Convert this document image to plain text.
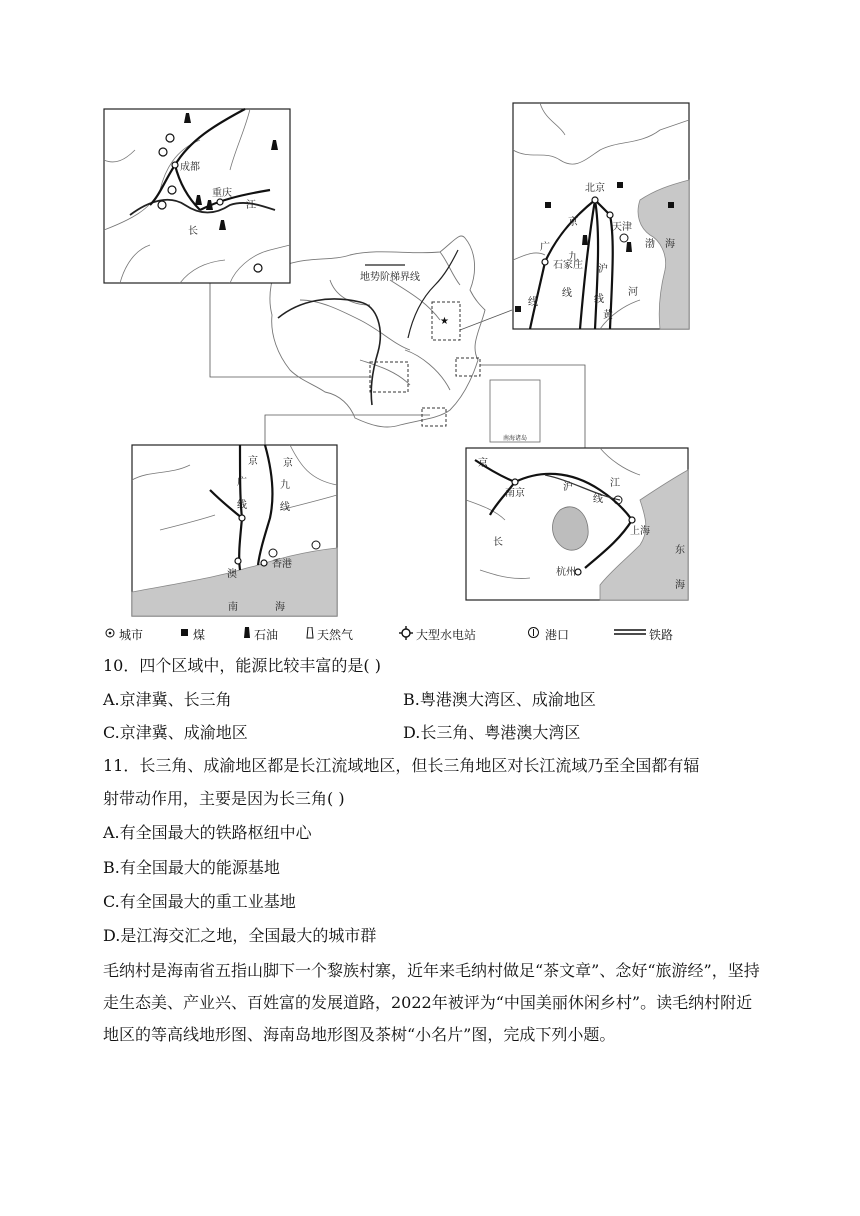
地势阶梯界线
★
南海诸岛
成都
重庆
江
长
北京
天津
石家庄
渤 海
京
广
九
沪
线
线
线
河
黄
京	京
广	九
线	线
澳
香港
南	海
京
南京
沪	江
线
长
上海
杭州
东
海
城市	煤	石油	天然气	大型水电站	港口	铁路
10．四个区域中，能源比较丰富的是( )
A.京津冀、长三角	B.粤港澳大湾区、成渝地区
C.京津冀、成渝地区	D.长三角、粤港澳大湾区
11．长三角、成渝地区都是长江流域地区，但长三角地区对长江流域乃至全国都有辐
射带动作用，主要是因为长三角( )
A.有全国最大的铁路枢纽中心
B.有全国最大的能源基地
C.有全国最大的重工业基地
D.是江海交汇之地，全国最大的城市群
毛纳村是海南省五指山脚下一个黎族村寨，近年来毛纳村做足“茶文章”、念好“旅游经”，坚持走生态美、产业兴、百姓富的发展道路，2022年被评为“中国美丽休闲乡村”。读毛纳村附近地区的等高线地形图、海南岛地形图及茶树“小名片”图，完成下列小题。
